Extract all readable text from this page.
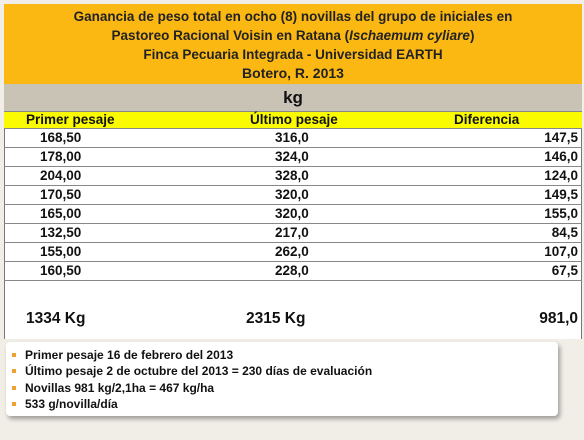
Ganancia de peso total en ocho (8) novillas del grupo de iniciales en
Pastoreo Racional Voisin en Ratana (Ischaemum cyliare)
Finca Pecuaria Integrada - Universidad EARTH
Botero, R. 2013
kg
Primer pesaje	Último pesaje	Diferencia
168,50	316,0	147,5
178,00	324,0	146,0
204,00	328,0	124,0
170,50	320,0	149,5
165,00	320,0	155,0
132,50	217,0	84,5
155,00	262,0	107,0
160,50	228,0	67,5
1334 Kg	2315 Kg	981,0
Primer pesaje 16 de febrero del 2013
Último pesaje 2 de octubre del 2013 = 230 días de evaluación
Novillas 981 kg/2,1ha = 467 kg/ha
533 g/novilla/día
